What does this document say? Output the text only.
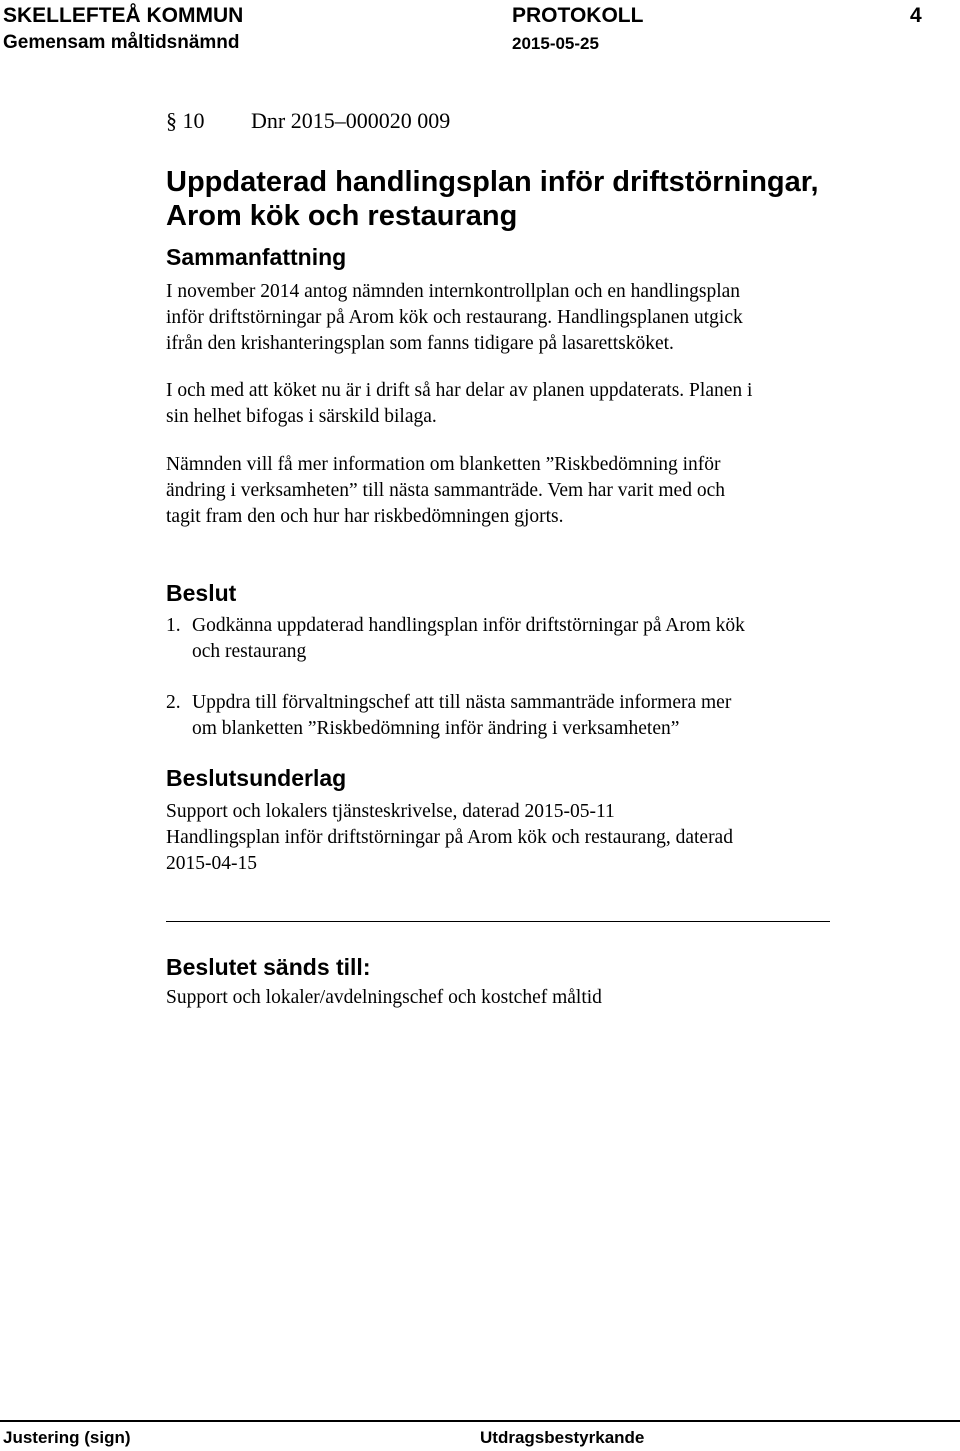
SKELLEFTEÅ KOMMUN	PROTOKOLL	4
Gemensam måltidsnämnd	2015-05-25
§ 10 Dnr 2015–000020 009
Uppdaterad handlingsplan inför driftstörningar,
Arom kök och restaurang
Sammanfattning
I november 2014 antog nämnden internkontrollplan och en handlingsplan
inför driftstörningar på Arom kök och restaurang. Handlingsplanen utgick
ifrån den krishanteringsplan som fanns tidigare på lasarettsköket.
I och med att köket nu är i drift så har delar av planen uppdaterats. Planen i
sin helhet bifogas i särskild bilaga.
Nämnden vill få mer information om blanketten ”Riskbedömning inför
ändring i verksamheten” till nästa sammanträde. Vem har varit med och
tagit fram den och hur har riskbedömningen gjorts.
Beslut
1. Godkänna uppdaterad handlingsplan inför driftstörningar på Arom kök
och restaurang
2. Uppdra till förvaltningschef att till nästa sammanträde informera mer
om blanketten ”Riskbedömning inför ändring i verksamheten”
Beslutsunderlag
Support och lokalers tjänsteskrivelse, daterad 2015-05-11
Handlingsplan inför driftstörningar på Arom kök och restaurang, daterad
2015-04-15
Beslutet sänds till:
Support och lokaler/avdelningschef och kostchef måltid
Justering (sign)	Utdragsbestyrkande
